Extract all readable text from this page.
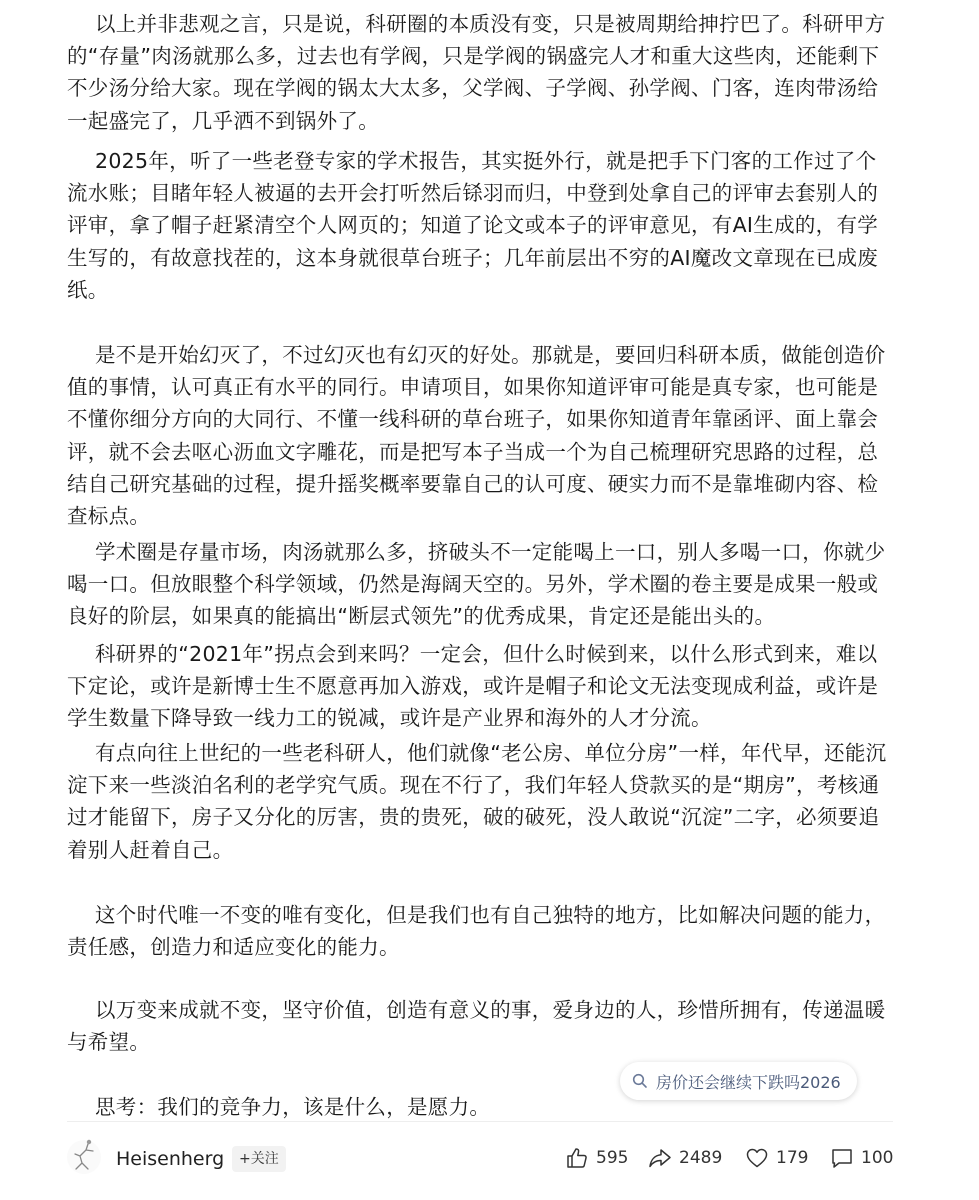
以上并非悲观之言，只是说，科研圈的本质没有变，只是被周期给抻拧巴了。科研甲方的“存量”肉汤就那么多，过去也有学阀，只是学阀的锅盛完人才和重大这些肉，还能剩下不少汤分给大家。现在学阀的锅太大太多，父学阀、子学阀、孙学阀、门客，连肉带汤给一起盛完了，几乎洒不到锅外了。

2025年，听了一些老登专家的学术报告，其实挺外行，就是把手下门客的工作过了个流水账；目睹年轻人被逼的去开会打听然后铩羽而归，中登到处拿自己的评审去套别人的评审，拿了帽子赶紧清空个人网页的；知道了论文或本子的评审意见，有AI生成的，有学生写的，有故意找茬的，这本身就很草台班子；几年前层出不穷的AI魔改文章现在已成废纸。

是不是开始幻灭了，不过幻灭也有幻灭的好处。那就是，要回归科研本质，做能创造价值的事情，认可真正有水平的同行。申请项目，如果你知道评审可能是真专家，也可能是不懂你细分方向的大同行、不懂一线科研的草台班子，如果你知道青年靠函评、面上靠会评，就不会去呕心沥血文字雕花，而是把写本子当成一个为自己梳理研究思路的过程，总结自己研究基础的过程，提升摇奖概率要靠自己的认可度、硬实力而不是靠堆砌内容、检查标点。

学术圈是存量市场，肉汤就那么多，挤破头不一定能喝上一口，别人多喝一口，你就少喝一口。但放眼整个科学领域，仍然是海阔天空的。另外，学术圈的卷主要是成果一般或良好的阶层，如果真的能搞出“断层式领先”的优秀成果，肯定还是能出头的。

科研界的“2021年”拐点会到来吗？一定会，但什么时候到来，以什么形式到来，难以下定论，或许是新博士生不愿意再加入游戏，或许是帽子和论文无法变现成利益，或许是学生数量下降导致一线力工的锐减，或许是产业界和海外的人才分流。

有点向往上世纪的一些老科研人，他们就像“老公房、单位分房”一样，年代早，还能沉淀下来一些淡泊名利的老学究气质。现在不行了，我们年轻人贷款买的是“期房”，考核通过才能留下，房子又分化的厉害，贵的贵死，破的破死，没人敢说“沉淀”二字，必须要追着别人赶着自己。

这个时代唯一不变的唯有变化，但是我们也有自己独特的地方，比如解决问题的能力，责任感，创造力和适应变化的能力。

以万变来成就不变，坚守价值，创造有意义的事，爱身边的人，珍惜所拥有，传递温暖与希望。

思考：我们的竞争力，该是什么，是愿力。

房价还会继续下跌吗2026
Heisenherg	+关注	595	2489	179	100
